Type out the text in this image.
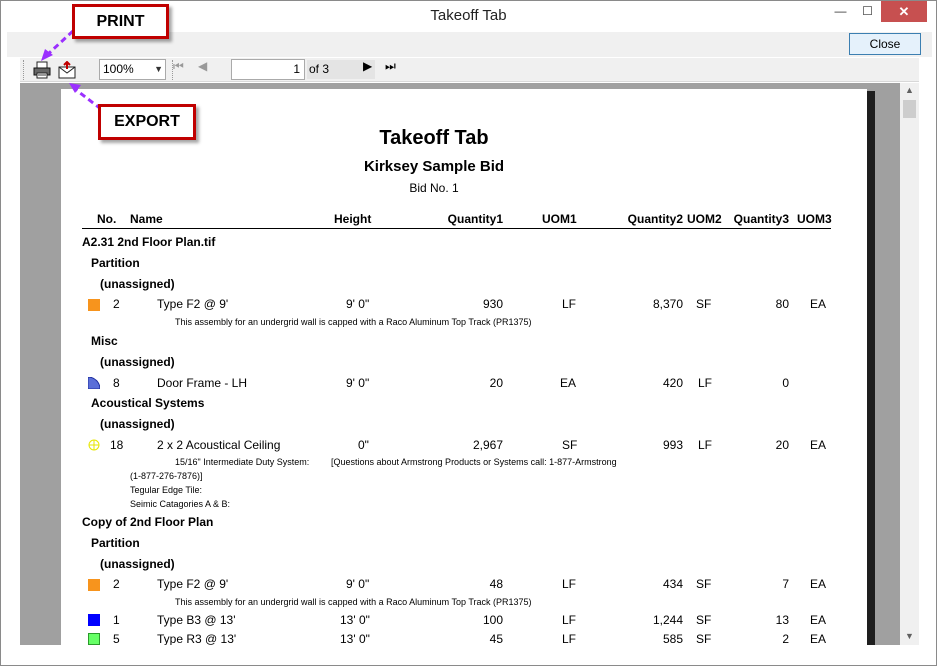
Takeoff Tab	—	☐	✕
Close
100% ▼ ⏮ ◀	1 of 3	▶ ⏭
Takeoff Tab
Kirksey Sample Bid
Bid No. 1
No. Name	Height	Quantity1	UOM1	Quantity2 UOM2 Quantity3 UOM3
A2.31 2nd Floor Plan.tif
Partition
(unassigned)
2	Type F2 @ 9'	9' 0"	930	LF	8,370 SF	80 EA
This assembly for an undergrid wall is capped with a Raco Aluminum Top Track (PR1375)
Misc
(unassigned)
8	Door Frame - LH	9' 0"	20	EA	420 LF	0
Acoustical Systems
(unassigned)
18	2 x 2 Acoustical Ceiling	0"	2,967	SF	993 LF	20 EA
15/16" Intermediate Duty System: [Questions about Armstrong Products or Systems call: 1-877-Armstrong
(1-877-276-7876)]
Tegular Edge Tile:
Seimic Catagories A & B:
Copy of 2nd Floor Plan
Partition
(unassigned)
2	Type F2 @ 9'	9' 0"	48	LF	434 SF	7 EA
This assembly for an undergrid wall is capped with a Raco Aluminum Top Track (PR1375)
1	Type B3 @ 13'	13' 0"	100	LF	1,244 SF	13 EA
5	Type R3 @ 13'	13' 0"	45	LF	585 SF	2 EA
▲
▼
PRINT
EXPORT
